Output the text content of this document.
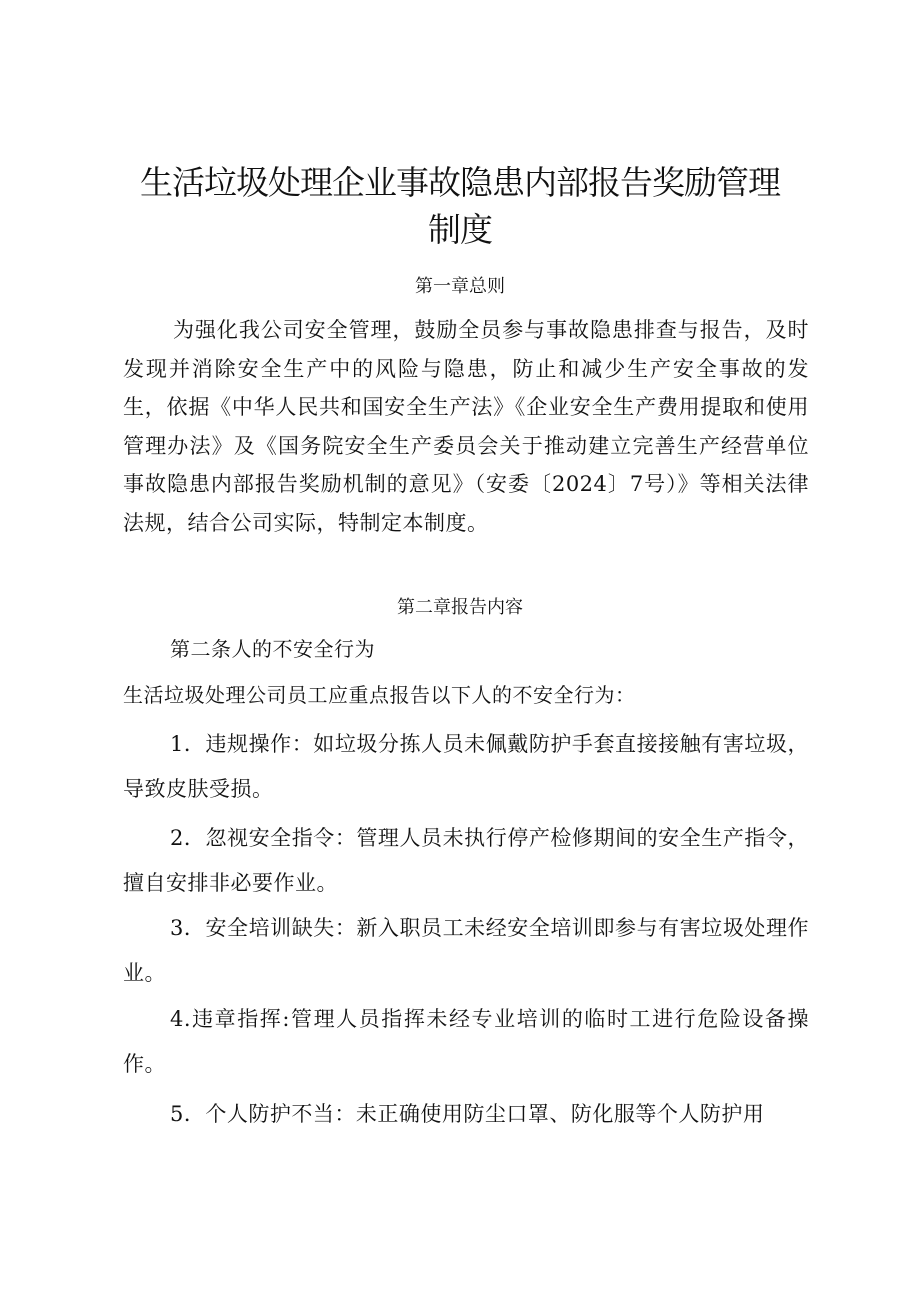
生活垃圾处理企业事故隐患内部报告奖励管理
制度
第一章总则
为强化我公司安全管理，鼓励全员参与事故隐患排查与报告，及时发现并消除安全生产中的风险与隐患，防止和减少生产安全事故的发生，依据《中华人民共和国安全生产法》《企业安全生产费用提取和使用管理办法》及《国务院安全生产委员会关于推动建立完善生产经营单位事故隐患内部报告奖励机制的意见》（安委〔2024〕7号）》等相关法律法规，结合公司实际，特制定本制度。
第二章报告内容
第二条人的不安全行为
生活垃圾处理公司员工应重点报告以下人的不安全行为：
1．违规操作：如垃圾分拣人员未佩戴防护手套直接接触有害垃圾，导致皮肤受损。
2．忽视安全指令：管理人员未执行停产检修期间的安全生产指令，擅自安排非必要作业。
3．安全培训缺失：新入职员工未经安全培训即参与有害垃圾处理作业。
4.违章指挥:管理人员指挥未经专业培训的临时工进行危险设备操作。
5．个人防护不当：未正确使用防尘口罩、防化服等个人防护用
